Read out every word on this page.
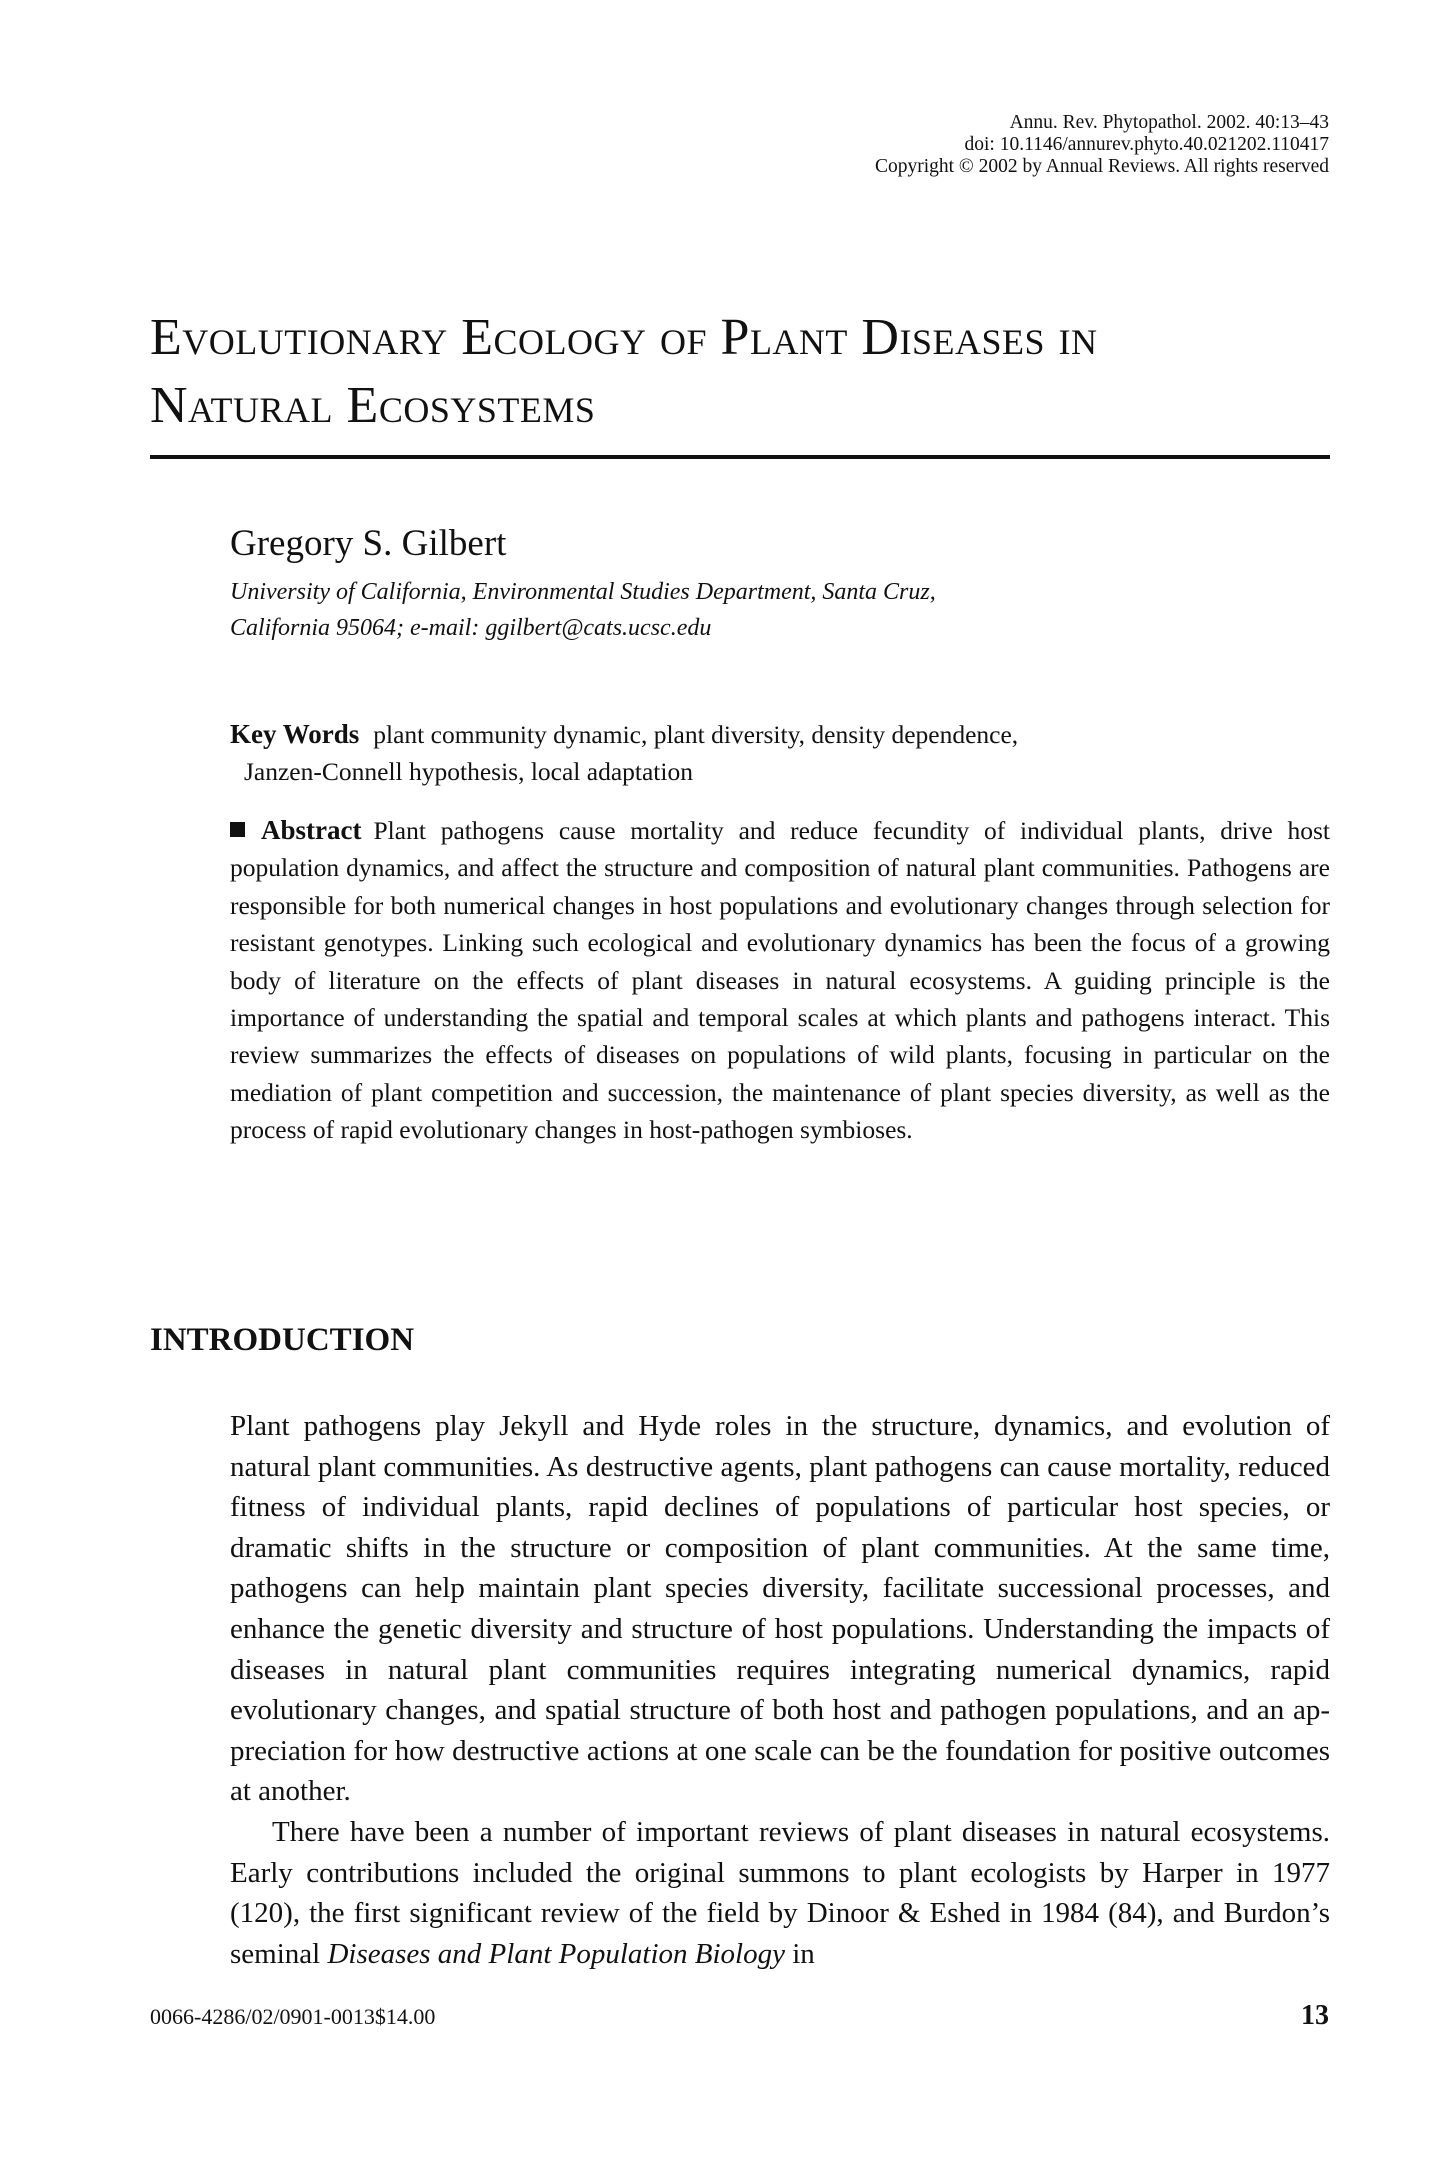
Annu. Rev. Phytopathol. 2002. 40:13–43
doi: 10.1146/annurev.phyto.40.021202.110417
Copyright © 2002 by Annual Reviews. All rights reserved
Evolutionary Ecology of Plant Diseases in
Natural Ecosystems
Gregory S. Gilbert
University of California, Environmental Studies Department, Santa Cruz,
California 95064; e-mail: ggilbert@cats.ucsc.edu
Key Words plant community dynamic, plant diversity, density dependence,
Janzen-Connell hypothesis, local adaptation
Abstract Plant pathogens cause mortality and reduce fecundity of individual plants, drive host population dynamics, and affect the structure and composition of natural plant communities. Pathogens are responsible for both numerical changes in host populations and evolutionary changes through selection for resistant genotypes. Linking such ecological and evolutionary dynamics has been the focus of a growing body of literature on the effects of plant diseases in natural ecosystems. A guiding principle is the importance of understanding the spatial and temporal scales at which plants and pathogens interact. This review summarizes the effects of diseases on populations of wild plants, focusing in particular on the mediation of plant competition and succession, the maintenance of plant species diversity, as well as the process of rapid evolutionary changes in host-pathogen symbioses.
INTRODUCTION

Plant pathogens play Jekyll and Hyde roles in the structure, dynamics, and evolution of natural plant communities. As destructive agents, plant pathogens can cause mortality, reduced fitness of individual plants, rapid declines of populations of particular host species, or dramatic shifts in the structure or composition of plant communities. At the same time, pathogens can help maintain plant species diversity, facilitate successional processes, and enhance the genetic diversity and structure of host populations. Understanding the impacts of diseases in natural plant communities requires integrating numerical dynamics, rapid evolutionary changes, and spatial structure of both host and pathogen populations, and an appreciation for how destructive actions at one scale can be the foundation for positive outcomes at another.

There have been a number of important reviews of plant diseases in natural ecosystems. Early contributions included the original summons to plant ecologists by Harper in 1977 (120), the first significant review of the field by Dinoor & Eshed in 1984 (84), and Burdon’s seminal Diseases and Plant Population Biology in

0066-4286/02/0901-0013$14.00	13
